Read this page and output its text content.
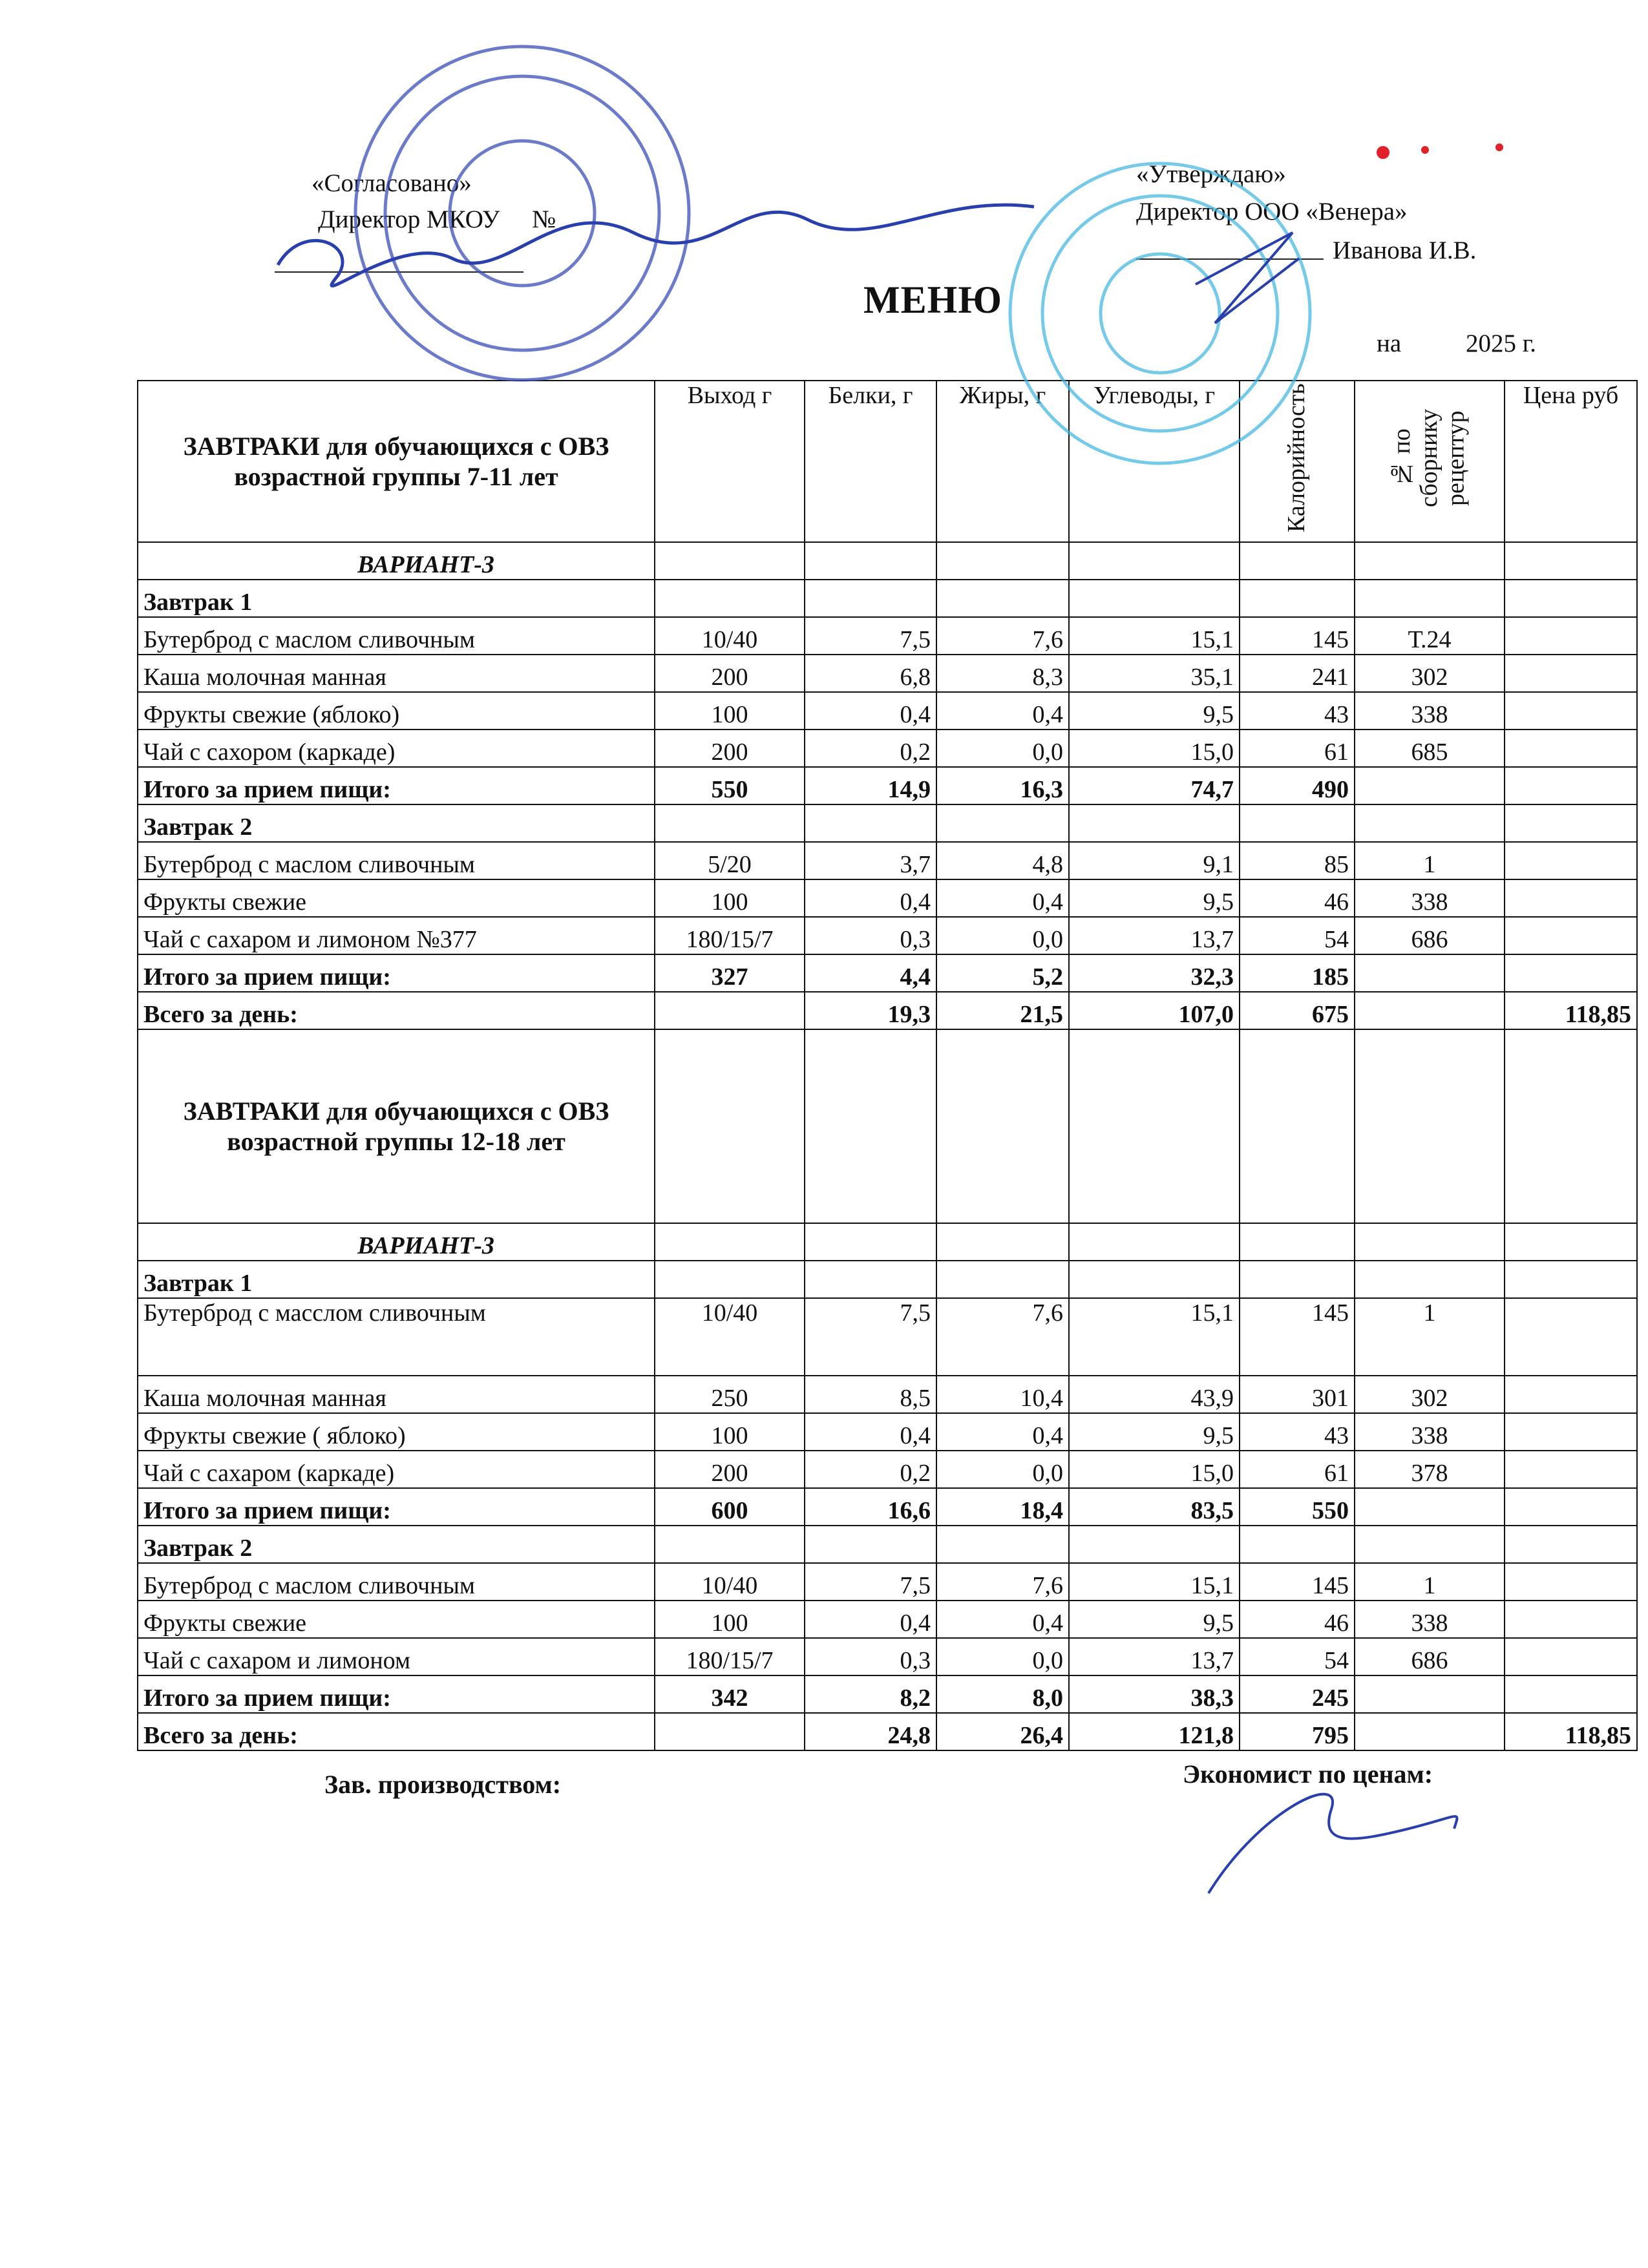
«Согласовано»
Директор МКОУ №
«Утверждаю»
Директор ООО «Венера»
Иванова И.В.
МЕНЮ
на	2025 г.
ЗАВТРАКИ для обучающихся с ОВЗ возрастной группы 7-11 лет	Выход г	Белки, г	Жиры, г	Углеводы, г	Калорийность	№ по сборнику рецептур	Цена руб
ВАРИАНТ-3							
Завтрак 1							
Бутерброд с маслом сливочным	10/40	7,5	7,6	15,1	145	Т.24	
Каша молочная манная	200	6,8	8,3	35,1	241	302	
Фрукты свежие (яблоко)	100	0,4	0,4	9,5	43	338	
Чай с сахором (каркаде)	200	0,2	0,0	15,0	61	685	
Итого за прием пищи:	550	14,9	16,3	74,7	490		
Завтрак 2							
Бутерброд с маслом сливочным	5/20	3,7	4,8	9,1	85	1	
Фрукты свежие	100	0,4	0,4	9,5	46	338	
Чай с сахаром и лимоном №377	180/15/7	0,3	0,0	13,7	54	686	
Итого за прием пищи:	327	4,4	5,2	32,3	185		
Всего за день:		19,3	21,5	107,0	675		118,85
ЗАВТРАКИ для обучающихся с ОВЗ возрастной группы 12-18 лет							
ВАРИАНТ-3							
Завтрак 1							
Бутерброд с масслом сливочным	10/40	7,5	7,6	15,1	145	1	
Каша молочная манная	250	8,5	10,4	43,9	301	302	
Фрукты свежие ( яблоко)	100	0,4	0,4	9,5	43	338	
Чай с сахаром (каркаде)	200	0,2	0,0	15,0	61	378	
Итого за прием пищи:	600	16,6	18,4	83,5	550		
Завтрак 2							
Бутерброд с маслом сливочным	10/40	7,5	7,6	15,1	145	1	
Фрукты свежие	100	0,4	0,4	9,5	46	338	
Чай с сахаром и лимоном	180/15/7	0,3	0,0	13,7	54	686	
Итого за прием пищи:	342	8,2	8,0	38,3	245		
Всего за день:		24,8	26,4	121,8	795		118,85
Зав. производством:	Экономист по ценам:
